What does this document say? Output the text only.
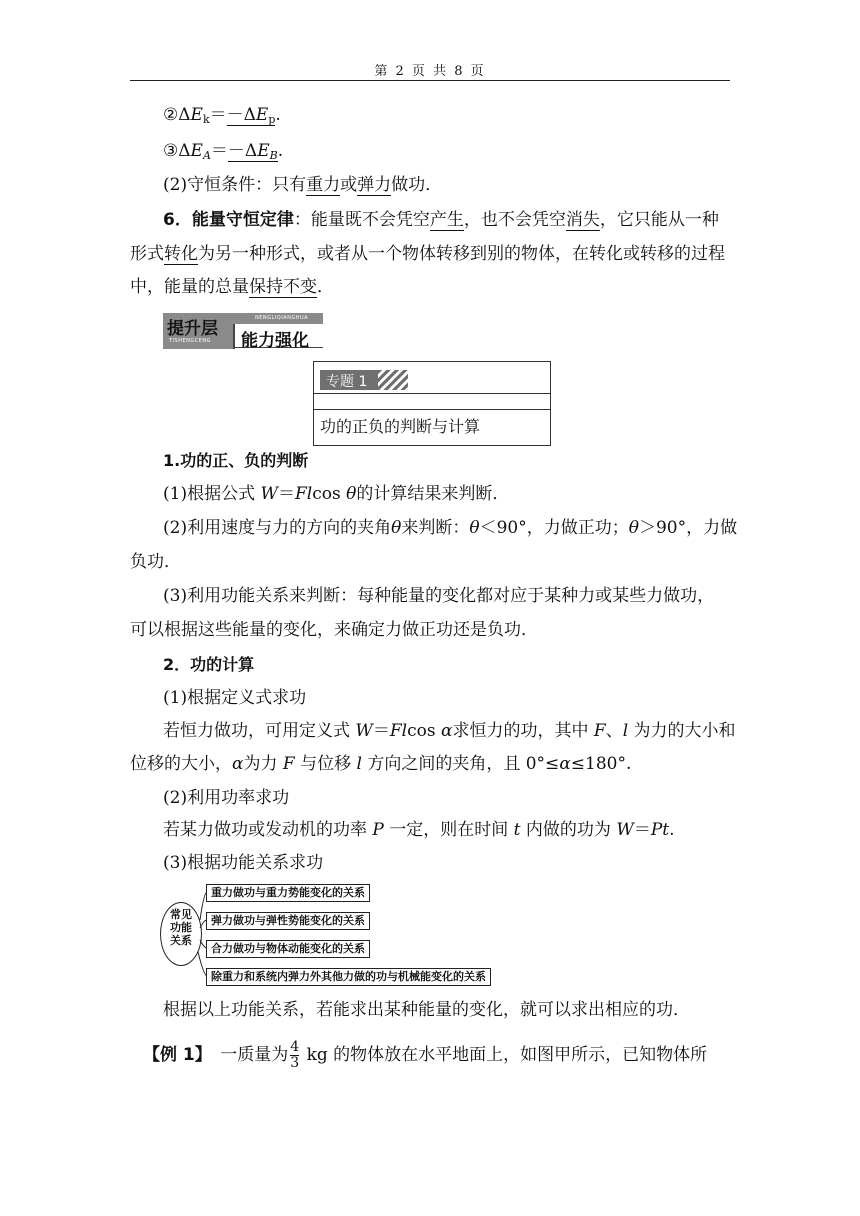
第 2 页 共 8 页
$②\Delta E_k=-\Delta E_p$.
$③\Delta E_A=-\Delta E_B$.
(2)守恒条件：只有重力或弹力做功．
6．能量守恒定律：能量既不会凭空产生，也不会凭空消失，它只能从一种
形式转化为另一种形式，或者从一个物体转移到别的物体，在转化或转移的过程
中，能量的总量保持不变．
提升层
TISHENGCENG
NENGLIQIANGHUA
能力强化
专题 1
功的正负的判断与计算
1.功的正、负的判断
(1)根据公式 W＝Flcos θ的计算结果来判断．
(2)利用速度与力的方向的夹角θ来判断：θ＜90°，力做正功；θ＞90°，力做
负功．
(3)利用功能关系来判断：每种能量的变化都对应于某种力或某些力做功，
可以根据这些能量的变化，来确定力做正功还是负功．
2．功的计算
(1)根据定义式求功
若恒力做功，可用定义式 W＝Flcos α求恒力的功，其中 F、l 为力的大小和
位移的大小，α为力 F 与位移 l 方向之间的夹角，且 0°≤α≤180°.
(2)利用功率求功
若某力做功或发动机的功率 P 一定，则在时间 t 内做的功为 W＝Pt.
(3)根据功能关系求功
常见功能关系
重力做功与重力势能变化的关系
弹力做功与弹性势能变化的关系
合力做功与物体动能变化的关系
除重力和系统内弹力外其他力做的功与机械能变化的关系
根据以上功能关系，若能求出某种能量的变化，就可以求出相应的功．
【例 1】　一质量为 $\frac{4}{3}$ kg 的物体放在水平地面上，如图甲所示，已知物体所
